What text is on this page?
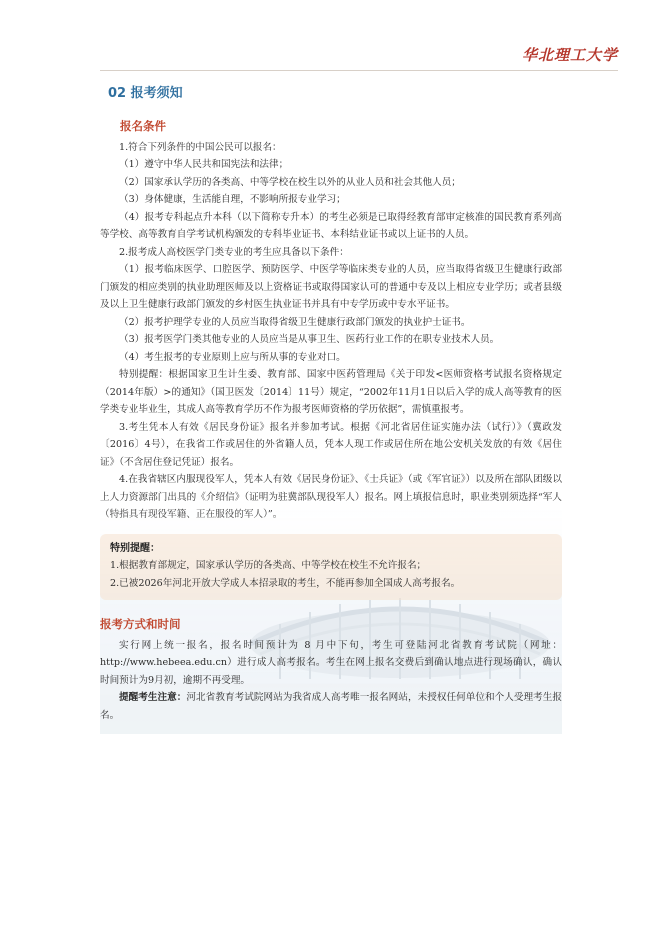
华北理工大学
02 报考须知
报名条件

1.符合下列条件的中国公民可以报名：

（1）遵守中华人民共和国宪法和法律；

（2）国家承认学历的各类高、中等学校在校生以外的从业人员和社会其他人员；

（3）身体健康，生活能自理，不影响所报专业学习；

（4）报考专科起点升本科（以下简称专升本）的考生必须是已取得经教育部审定核准的国民教育系列高等学校、高等教育自学考试机构颁发的专科毕业证书、本科结业证书或以上证书的人员。

2.报考成人高校医学门类专业的考生应具备以下条件：

（1）报考临床医学、口腔医学、预防医学、中医学等临床类专业的人员，应当取得省级卫生健康行政部门颁发的相应类别的执业助理医师及以上资格证书或取得国家认可的普通中专及以上相应专业学历；或者县级及以上卫生健康行政部门颁发的乡村医生执业证书并具有中专学历或中专水平证书。

（2）报考护理学专业的人员应当取得省级卫生健康行政部门颁发的执业护士证书。

（3）报考医学门类其他专业的人员应当是从事卫生、医药行业工作的在职专业技术人员。

（4）考生报考的专业原则上应与所从事的专业对口。

特别提醒：根据国家卫生计生委、教育部、国家中医药管理局《关于印发<医师资格考试报名资格规定（2014年版）>的通知》（国卫医发〔2014〕11号）规定，“2002年11月1日以后入学的成人高等教育的医学类专业毕业生，其成人高等教育学历不作为报考医师资格的学历依据”，需慎重报考。

3.考生凭本人有效《居民身份证》报名并参加考试。根据《河北省居住证实施办法（试行）》（冀政发〔2016〕4号），在我省工作或居住的外省籍人员，凭本人现工作或居住所在地公安机关发放的有效《居住证》（不含居住登记凭证）报名。

4.在我省辖区内服现役军人，凭本人有效《居民身份证》、《士兵证》（或《军官证》）以及所在部队团级以

特别提醒：

1.根据教育部规定，国家承认学历的各类高、中等学校在校生不允许报名；

2.已被2026年河北开放大学成人本招录取的考生，不能再参加全国成人高考报名。

报考方式和时间

实行网上统一报名，报名时间预计为 8 月中下旬，考生可登陆河北省教育考试院（网址：http://www.hebeea.edu.cn）进行成人高考报名。考生在网上报名交费后到确认地点进行现场确认，确认时间预计为9月初，逾期不再受理。

提醒考生注意：河北省教育考试院网站为我省成人高考唯一报名网站，未授权任何单位和个人受理考生报名。
